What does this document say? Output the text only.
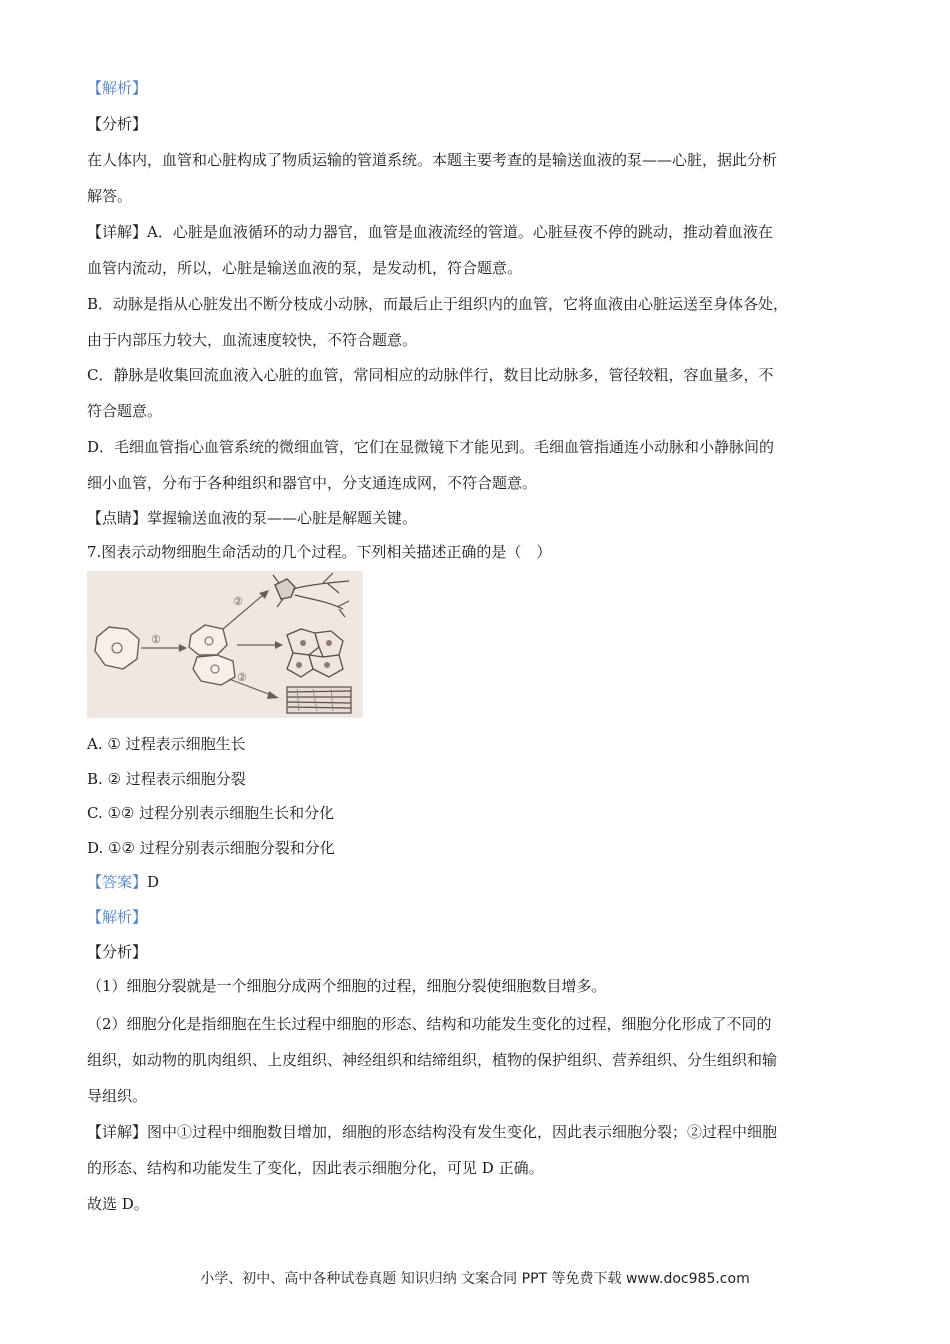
【解析】
【分析】
在人体内，血管和心脏构成了物质运输的管道系统。本题主要考查的是输送血液的泵——心脏，据此分析
解答。
【详解】A．心脏是血液循环的动力器官，血管是血液流经的管道。心脏昼夜不停的跳动，推动着血液在
血管内流动，所以，心脏是输送血液的泵，是发动机，符合题意。
B．动脉是指从心脏发出不断分枝成小动脉，而最后止于组织内的血管，它将血液由心脏运送至身体各处，
由于内部压力较大，血流速度较快，不符合题意。
C．静脉是收集回流血液入心脏的血管，常同相应的动脉伴行，数目比动脉多，管径较粗，容血量多，不
符合题意。
D．毛细血管指心血管系统的微细血管，它们在显微镜下才能见到。毛细血管指通连小动脉和小静脉间的
细小血管，分布于各种组织和器官中，分支通连成网，不符合题意。
【点睛】掌握输送血液的泵——心脏是解题关键。
7.图表示动物细胞生命活动的几个过程。下列相关描述正确的是（　）
①
②
②
A. ① 过程表示细胞生长
B. ② 过程表示细胞分裂
C. ①② 过程分别表示细胞生长和分化
D. ①② 过程分别表示细胞分裂和分化
【答案】D
【解析】
【分析】
（1）细胞分裂就是一个细胞分成两个细胞的过程，细胞分裂使细胞数目增多。
（2）细胞分化是指细胞在生长过程中细胞的形态、结构和功能发生变化的过程，细胞分化形成了不同的
组织，如动物的肌肉组织、上皮组织、神经组织和结缔组织，植物的保护组织、营养组织、分生组织和输
导组织。
【详解】图中①过程中细胞数目增加，细胞的形态结构没有发生变化，因此表示细胞分裂；②过程中细胞
的形态、结构和功能发生了变化，因此表示细胞分化，可见 D 正确。
故选 D。
小学、初中、高中各种试卷真题 知识归纳 文案合同 PPT 等免费下载 www.doc985.com
